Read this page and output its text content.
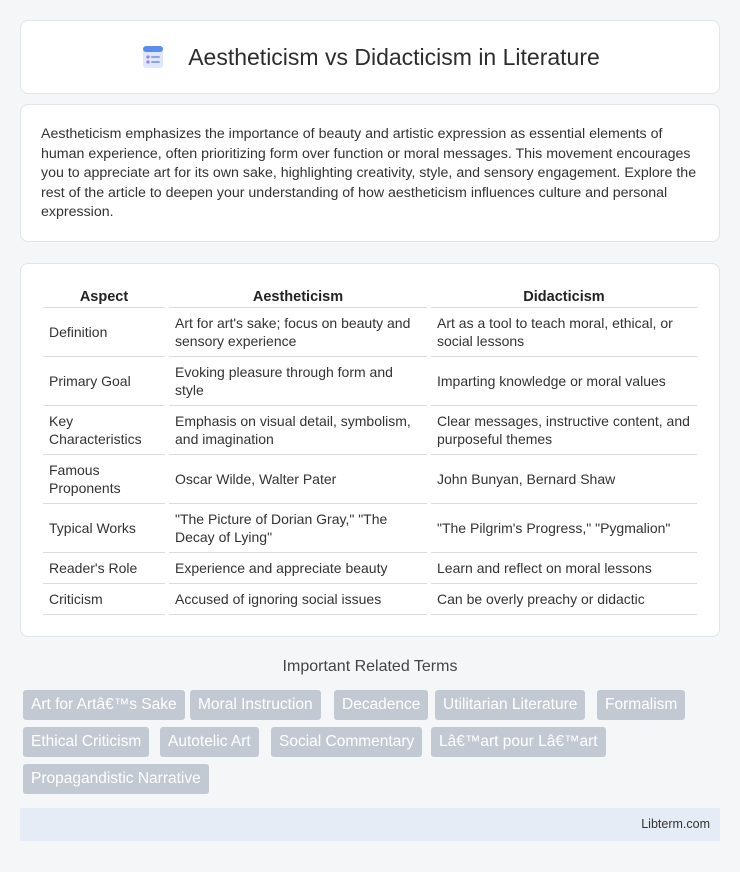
Aestheticism vs Didacticism in Literature

Aestheticism emphasizes the importance of beauty and artistic expression as essential elements of human experience, often prioritizing form over function or moral messages. This movement encourages you to appreciate art for its own sake, highlighting creativity, style, and sensory engagement. Explore the rest of the article to deepen your understanding of how aestheticism influences culture and personal expression.

Aspect	Aestheticism	Didacticism
Definition	Art for art's sake; focus on beauty and sensory experience	Art as a tool to teach moral, ethical, or social lessons
Primary Goal	Evoking pleasure through form and style	Imparting knowledge or moral values
Key Characteristics	Emphasis on visual detail, symbolism, and imagination	Clear messages, instructive content, and purposeful themes
Famous Proponents	Oscar Wilde, Walter Pater	John Bunyan, Bernard Shaw
Typical Works	"The Picture of Dorian Gray," "The Decay of Lying"	"The Pilgrim's Progress," "Pygmalion"
Reader's Role	Experience and appreciate beauty	Learn and reflect on moral lessons
Criticism	Accused of ignoring social issues	Can be overly preachy or didactic
Important Related Terms
Art for Artâ€™s Sake	Moral Instruction	Decadence	Utilitarian Literature	Formalism
Ethical Criticism	Autotelic Art	Social Commentary	Lâ€™art pour Lâ€™art
Propagandistic Narrative
Libterm.com
